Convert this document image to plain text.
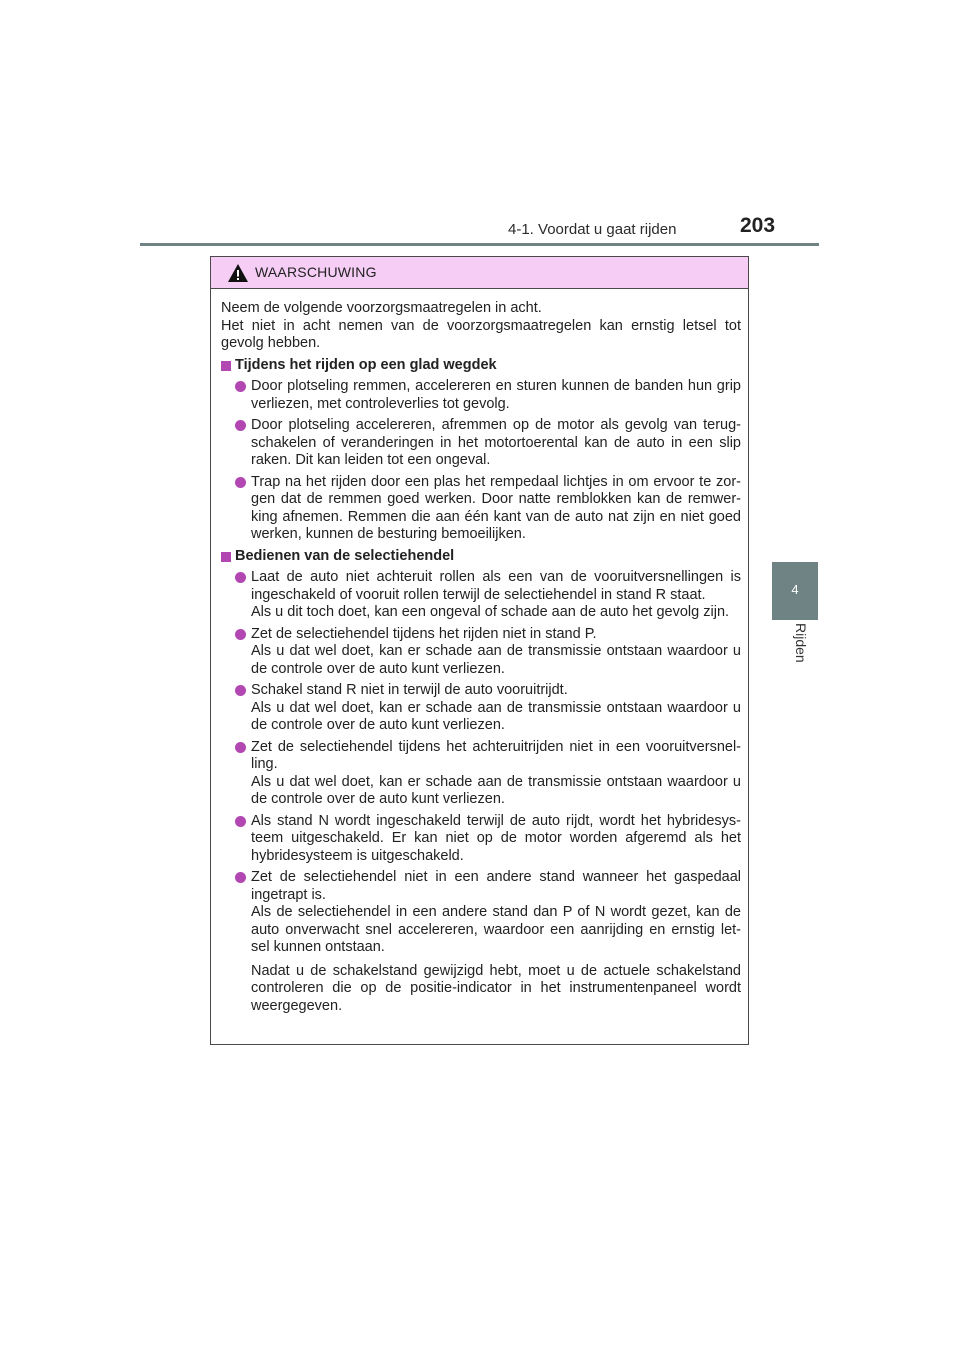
4-1. Voordat u gaat rijden	203
4
Rijden
WAARSCHUWING

Neem de volgende voorzorgsmaatregelen in acht.

Het niet in acht nemen van de voorzorgsmaatregelen kan ernstig letsel tot gevolg hebben.

Tijdens het rijden op een glad wegdek

Door plotseling remmen, accelereren en sturen kunnen de banden hun grip verliezen, met controleverlies tot gevolg.

Door plotseling accelereren, afremmen op de motor als gevolg van terug-schakelen of veranderingen in het motortoerental kan de auto in een slip raken. Dit kan leiden tot een ongeval.

Trap na het rijden door een plas het rempedaal lichtjes in om ervoor te zor-gen dat de remmen goed werken. Door natte remblokken kan de remwer-king afnemen. Remmen die aan één kant van de auto nat zijn en niet goed werken, kunnen de besturing bemoeilijken.

Bedienen van de selectiehendel

Laat de auto niet achteruit rollen als een van de vooruitversnellingen is ingeschakeld of vooruit rollen terwijl de selectiehendel in stand R staat.

Als u dit toch doet, kan een ongeval of schade aan de auto het gevolg zijn.

Zet de selectiehendel tijdens het rijden niet in stand P.

Als u dat wel doet, kan er schade aan de transmissie ontstaan waardoor u de controle over de auto kunt verliezen.

Schakel stand R niet in terwijl de auto vooruitrijdt.

Als u dat wel doet, kan er schade aan de transmissie ontstaan waardoor u de controle over de auto kunt verliezen.

Zet de selectiehendel tijdens het achteruitrijden niet in een vooruitversnel-ling.

Als u dat wel doet, kan er schade aan de transmissie ontstaan waardoor u de controle over de auto kunt verliezen.

Als stand N wordt ingeschakeld terwijl de auto rijdt, wordt het hybridesys-teem uitgeschakeld. Er kan niet op de motor worden afgeremd als het hybridesysteem is uitgeschakeld.

Zet de selectiehendel niet in een andere stand wanneer het gaspedaal ingetrapt is.

Als de selectiehendel in een andere stand dan P of N wordt gezet, kan de auto onverwacht snel accelereren, waardoor een aanrijding en ernstig let-sel kunnen ontstaan.

Nadat u de schakelstand gewijzigd hebt, moet u de actuele schakelstand controleren die op de positie-indicator in het instrumentenpaneel wordt weergegeven.
